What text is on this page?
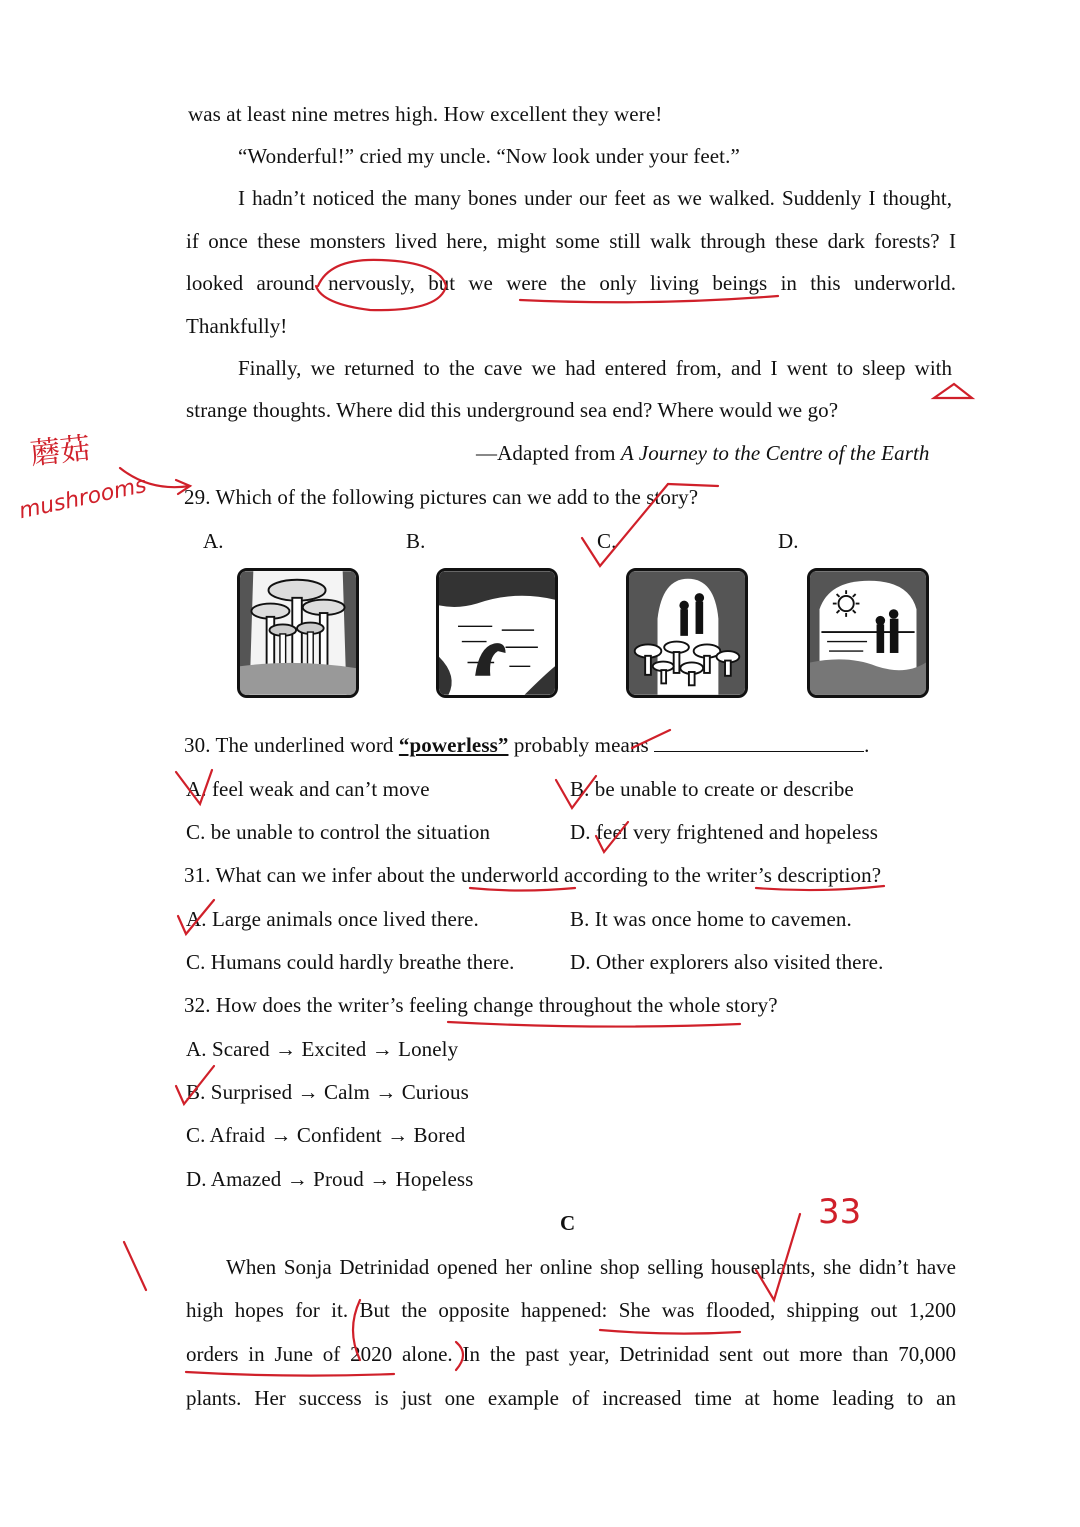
was at least nine metres high. How excellent they were!
“Wonderful!” cried my uncle. “Now look under your feet.”
I hadn’t noticed the many bones under our feet as we walked. Suddenly I thought,
if once these monsters lived here, might some still walk through these dark forests? I
looked around nervously, but we were the only living beings in this underworld.
Thankfully!
Finally, we returned to the cave we had entered from, and I went to sleep with
strange thoughts. Where did this underground sea end? Where would we go?
—Adapted from A Journey to the Centre of the Earth
29. Which of the following pictures can we add to the story?
A.	B.	C.	D.
30. The underlined word “powerless” probably means	.
A. feel weak and can’t move	B. be unable to create or describe
C. be unable to control the situation	D. feel very frightened and hopeless
31. What can we infer about the underworld according to the writer’s description?
A. Large animals once lived there.	B. It was once home to cavemen.
C. Humans could hardly breathe there.	D. Other explorers also visited there.
32. How does the writer’s feeling change throughout the whole story?
A. Scared → Excited → Lonely
B. Surprised → Calm → Curious
C. Afraid → Confident → Bored
D. Amazed → Proud → Hopeless
C
When Sonja Detrinidad opened her online shop selling houseplants, she didn’t have
high hopes for it. But the opposite happened: She was flooded, shipping out 1,200
orders in June of 2020 alone. In the past year, Detrinidad sent out more than 70,000
plants. Her success is just one example of increased time at home leading to an
蘑菇
mushrooms
33
